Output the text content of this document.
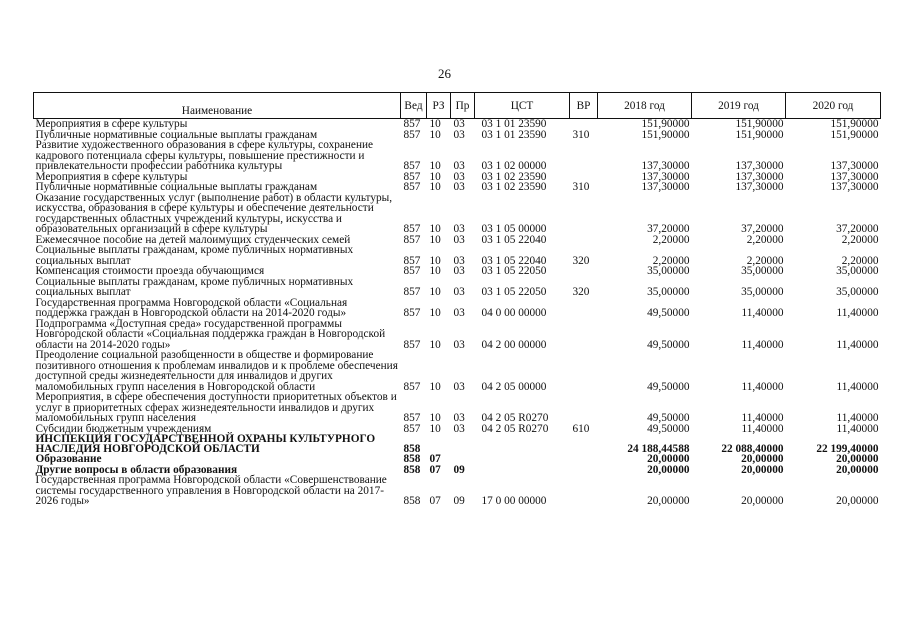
26
Наименование	Вед	РЗ	Пр	ЦСТ	ВР	2018 год	2019 год	2020 год
Мероприятия в сфере культуры	857	10	03	03 1 01 23590		151,90000	151,90000	151,90000
Публичные нормативные социальные выплаты гражданам	857	10	03	03 1 01 23590	310	151,90000	151,90000	151,90000
Развитие художественного образования в сфере культуры, сохранение кадрового потенциала сферы культуры, повышение престижности и привлекательности профессии работника культуры	857	10	03	03 1 02 00000		137,30000	137,30000	137,30000
Мероприятия в сфере культуры	857	10	03	03 1 02 23590		137,30000	137,30000	137,30000
Публичные нормативные социальные выплаты гражданам	857	10	03	03 1 02 23590	310	137,30000	137,30000	137,30000
Оказание государственных услуг (выполнение работ) в области культуры, искусства, образования в сфере культуры и обеспечение деятельности государственных областных учреждений культуры, искусства и образовательных организаций в сфере культуры	857	10	03	03 1 05 00000		37,20000	37,20000	37,20000
Ежемесячное пособие на детей малоимущих студенческих семей	857	10	03	03 1 05 22040		2,20000	2,20000	2,20000
Социальные выплаты гражданам, кроме публичных нормативных социальных выплат	857	10	03	03 1 05 22040	320	2,20000	2,20000	2,20000
Компенсация стоимости проезда обучающимся	857	10	03	03 1 05 22050		35,00000	35,00000	35,00000
Социальные выплаты гражданам, кроме публичных нормативных социальных выплат	857	10	03	03 1 05 22050	320	35,00000	35,00000	35,00000
Государственная программа Новгородской области «Социальная поддержка граждан в Новгородской области на 2014-2020 годы»	857	10	03	04 0 00 00000		49,50000	11,40000	11,40000
Подпрограмма «Доступная среда» государственной программы Новгородской области «Социальная поддержка граждан в Новгородской области на 2014-2020 годы»	857	10	03	04 2 00 00000		49,50000	11,40000	11,40000
Преодоление социальной разобщенности в обществе и формирование позитивного отношения к проблемам инвалидов и к проблеме обеспечения доступной среды жизнедеятельности для инвалидов и других маломобильных групп населения в Новгородской области	857	10	03	04 2 05 00000		49,50000	11,40000	11,40000
Мероприятия, в сфере обеспечения доступности приоритетных объектов и услуг в приоритетных сферах жизнедеятельности инвалидов и других маломобильных групп населения	857	10	03	04 2 05 R0270		49,50000	11,40000	11,40000
Субсидии бюджетным учреждениям	857	10	03	04 2 05 R0270	610	49,50000	11,40000	11,40000
ИНСПЕКЦИЯ ГОСУДАРСТВЕННОЙ ОХРАНЫ КУЛЬТУРНОГО НАСЛЕДИЯ НОВГОРОДСКОЙ ОБЛАСТИ	858					24 188,44588	22 088,40000	22 199,40000
Образование	858	07				20,00000	20,00000	20,00000
Другие вопросы в области образования	858	07	09			20,00000	20,00000	20,00000
Государственная программа Новгородской области «Совершенствование системы государственного управления в Новгородской области на 2017-2026 годы»	858	07	09	17 0 00 00000		20,00000	20,00000	20,00000
